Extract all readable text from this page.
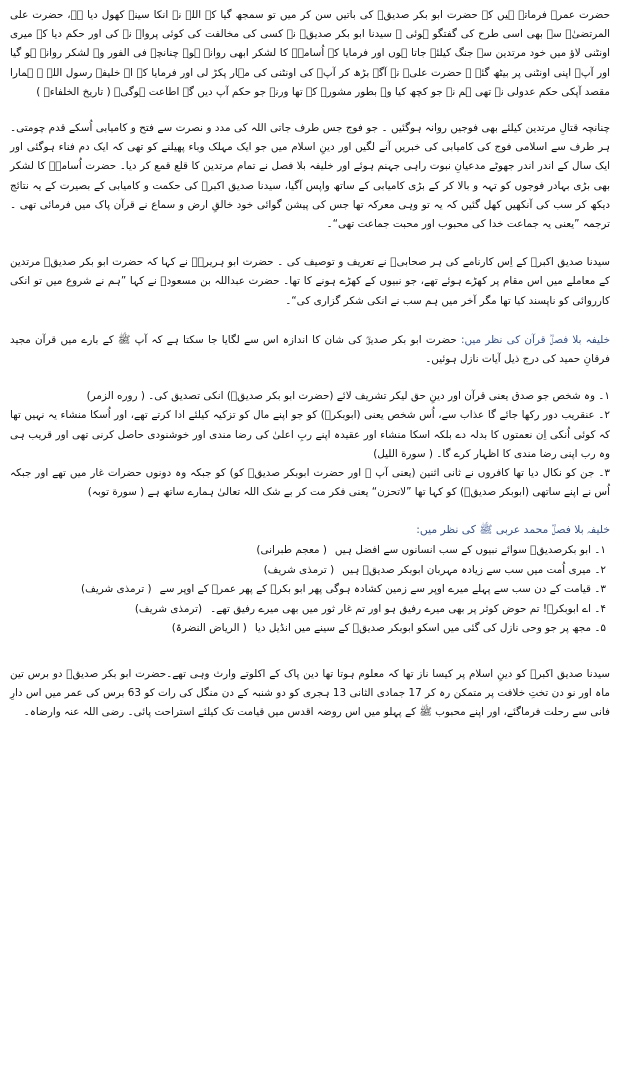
حضرت عمرؓ فرماتے ہیں کہ حضرت ابو بکر صدیقؓ کی باتیں سن کر میں تو سمجھ گیا کہ اللہ نے انکا سینہ کھول دیا ہے، حضرت علی المرتضیٰؓ سے بھی اسی طرح کی گفتگو ہوئی ۔ سیدنا ابو بکر صدیقؓ نے کسی کی مخالفت کی کوئی پرواہ نہ کی اور حکم دیا کہ میری اونٹنی لاؤ میں خود مرتدین سے جنگ کیلئے جاتا ہوں اور فرمایا کہ اُسامہؓ کا لشکر ابھی روانہ ہو۔ چنانچہ فی الفور وہ لشکر روانہ ہو گیا اور آپؓ اپنی اونٹنی پر بیٹھ گئے ۔ حضرت علیؓ نے آگے بڑھ کر آپؓ کی اونٹنی کی مہار پکڑ لی اور فرمایا کہ اے خلیفہ رسول اللہ ﷺ ہمارا مقصد آپکی حکم عدولی نہ تھی ہم نے جو کچھ کیا وہ بطور مشورے کے تھا ورنہ جو حکم آپ دیں گے اطاعت ہوگی۔ ( تاریخ الخلفاءؒ )

چنانچہ قتالِ مرتدین کیلئے بھی فوجیں روانہ ہوگئیں ۔ جو فوج جس طرف جاتی اللہ کی مدد و نصرت سے فتح و کامیابی اُسکے قدم چومتی۔ ہر طرف سے اسلامی فوج کی کامیابی کی خبریں آنے لگیں اور دینِ اسلام میں جو ایک مہلک وباء پھیلنے کو تھی کہ ایک دم فناء ہوگئی اور ایک سال کے اندر اندر جھوٹے مدعیانِ نبوت راہی جہنم ہوئے اور خلیفہ بلا فصل نے تمام مرتدین کا قلع قمع کر دیا۔ حضرت اُسامہؓ کا لشکر بھی بڑی بہادر فوجوں کو تہہ و بالا کر کے بڑی کامیابی کے ساتھ واپس آگیا، سیدنا صدیق اکبرؓ کی حکمت و کامیابی کے بصیرت کے یہ نتائج دیکھ کر سب کی آنکھیں کھل گئیں کہ یہ تو وہی معرکہ تھا جس کی پیشن گوائی خود خالقِ ارض و سماع نے قرآن پاک میں فرمائی تھی ۔ ترجمہ ”یعنی یہ جماعت خدا کی محبوب اور محبت جماعت تھی“۔

سیدنا صدیق اکبرؓ کے اِس کارنامے کی ہر صحابیؓ نے تعریف و توصیف کی ۔ حضرت ابو ہریرہؓ نے کہا کہ حضرت ابو بکر صدیقؓ مرتدین کے معاملے میں اس مقام پر کھڑے ہوئے تھے، جو نبیوں کے کھڑے ہونے کا تھا۔ حضرت عبداللہ بن مسعودؓ نے کہا ”ہم نے شروع میں تو انکی کارروائی کو ناپسند کیا تھا مگر آخر میں ہم سب نے انکی شکر گزاری کی“۔

خلیفہ بلا فصلؓ قرآن کی نظر میں: حضرت ابو بکر صدیقؓ کی شان کا اندازہ اس سے لگایا جا سکتا ہے کہ آپ ﷺ کے بارے میں قرآن مجید فرقانِ حمید کی درج ذیل آیات نازل ہوئیں۔

۱۔ وہ شخص جو صدق یعنی قرآن اور دینِ حق لیکر تشریف لائے (حضرت ابو بکر صدیقؓ) انکی تصدیق کی۔ ( روره الزمر)
۲۔ عنقریب دور رکھا جائے گا عذاب سے، اُس شخص یعنی (ابوبکرؓ) کو جو اپنے مال کو تزکیہ کیلئے ادا کرتے تھے، اور اُسکا منشاء یہ نہیں تھا کہ کوئی اُنکی اِن نعمتوں کا بدلہ دے بلکہ اسکا منشاء اور عقیدہ اپنے ربِ اعلیٰ کی رضا مندی اور خوشنودی حاصل کرنی تھی اور قریب ہی وہ رب اپنی رضا مندی کا اظہار کرے گا۔ ( سورة اللیل)
۳۔ جن کو نکال دیا تھا کافروں نے ثانی اثنین (یعنی آپ ﷺ اور حضرت ابوبکر صدیقؓ کو) کو جبکہ وہ دونوں حضرات غار میں تھے اور جبکہ اُس نے اپنے ساتھی (ابوبکر صدیقؓ) کو کہا تھا ”لاتحزن“ یعنی فکر مت کر بے شک اللہ تعالیٰ ہمارے ساتھ ہے ( سورة توبہ)
خلیفہ بلا فصلؓ محمد عربی ﷺ کی نظر میں:
۱۔ ابو بکرصدیقؓ سوائے نبیوں کے سب انسانوں سے افضل ہیں( معجم طبرانی)
۲۔ میری اُمت میں سب سے زیادہ مہربان ابوبکر صدیقؓ ہیں( ترمذی شریف)
۳۔ قیامت کے دن سب سے پہلے میرے اوپر سے زمین کشادہ ہوگی پھر ابو بکرؓ کے پھر عمرؓ کے اوپر سے( ترمذی شریف)
۴۔ اے ابوبکرؓ! تم حوض کوثر پر بھی میرے رفیق ہو اور تم غار ثور میں بھی میرے رفیق تھے۔(ترمذی شریف)
۵۔ مجھ پر جو وحی نازل کی گئی میں اسکو ابوبکر صدیقؓ کے سینے میں انڈیل دیا( الریاض النضرۃ)

سیدنا صدیق اکبرؓ کو دینِ اسلام پر کیسا ناز تھا کہ معلوم ہوتا تھا دین پاک کے اکلوتے وارث وہی تھے۔حضرت ابو بکر صدیقؓ دو برس تین ماہ اور نو دن تختِ خلافت پر متمکن رہ کر 17 جمادی الثانی 13 ہجری کو دو شنبہ کے دن منگل کی رات کو 63 برس کی عمر میں اس دارِ فانی سے رحلت فرماگئے، اور اپنے محبوب ﷺ کے پہلو میں اس روضہ اقدس میں قیامت تک کیلئے استراحت پائی۔ رضی اللہ عنہ وارضاہ۔
